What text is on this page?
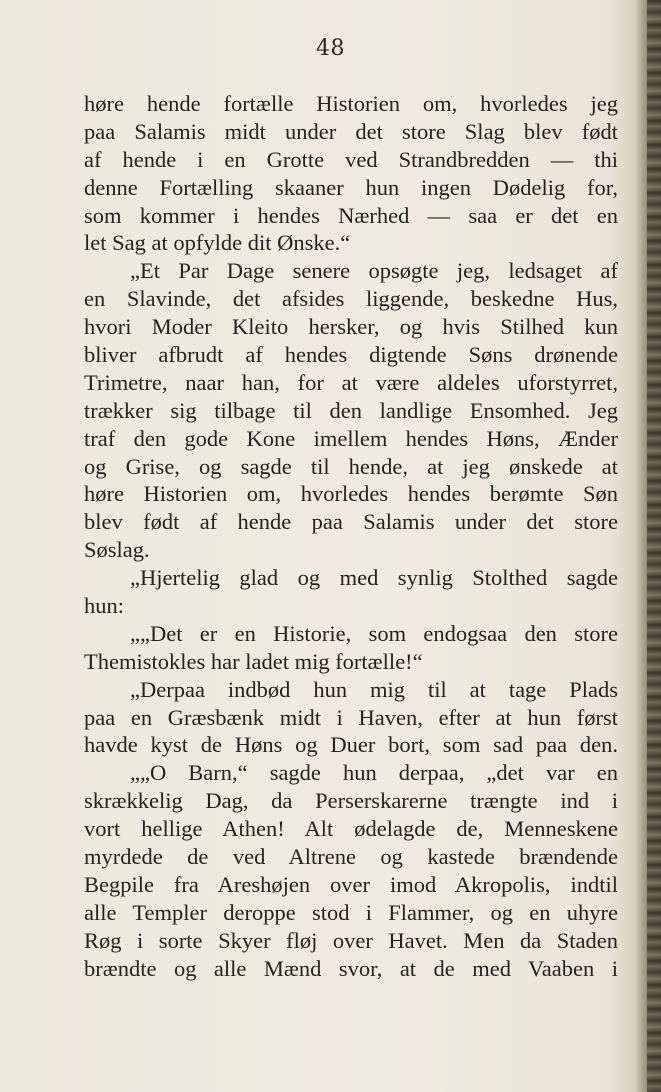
48
høre hende fortælle Historien om, hvorledes jeg
paa Salamis midt under det store Slag blev født
af hende i en Grotte ved Strandbredden — thi
denne Fortælling skaaner hun ingen Dødelig for,
som kommer i hendes Nærhed — saa er det en
let Sag at opfylde dit Ønske.“
„Et Par Dage senere opsøgte jeg, ledsaget af
en Slavinde, det afsides liggende, beskedne Hus,
hvori Moder Kleito hersker, og hvis Stilhed kun
bliver afbrudt af hendes digtende Søns drønende
Trimetre, naar han, for at være aldeles uforstyrret,
trækker sig tilbage til den landlige Ensomhed. Jeg
traf den gode Kone imellem hendes Høns, Ænder
og Grise, og sagde til hende, at jeg ønskede at
høre Historien om, hvorledes hendes berømte Søn
blev født af hende paa Salamis under det store
Søslag.
„Hjertelig glad og med synlig Stolthed sagde
hun:
„„Det er en Historie, som endogsaa den store
Themistokles har ladet mig fortælle!“
„Derpaa indbød hun mig til at tage Plads
paa en Græsbænk midt i Haven, efter at hun først
havde kyst de Høns og Duer bort, som sad paa den.
„„O Barn,“ sagde hun derpaa, „det var en
skrækkelig Dag, da Perserskarerne trængte ind i
vort hellige Athen! Alt ødelagde de, Menneskene
myrdede de ved Altrene og kastede brændende
Begpile fra Areshøjen over imod Akropolis, indtil
alle Templer deroppe stod i Flammer, og en uhyre
Røg i sorte Skyer fløj over Havet. Men da Staden
brændte og alle Mænd svor, at de med Vaaben i
